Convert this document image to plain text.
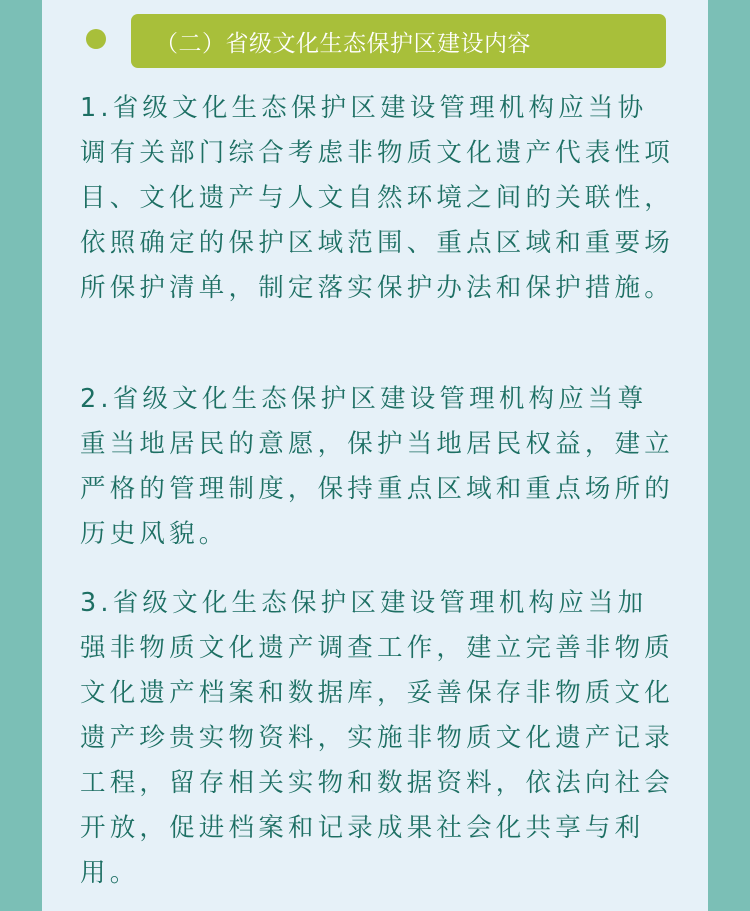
（二）省级文化生态保护区建设内容

1.省级文化生态保护区建设管理机构应当协调有关部门综合考虑非物质文化遗产代表性项目、文化遗产与人文自然环境之间的关联性，依照确定的保护区域范围、重点区域和重要场所保护清单，制定落实保护办法和保护措施。

2.省级文化生态保护区建设管理机构应当尊重当地居民的意愿，保护当地居民权益，建立严格的管理制度，保持重点区域和重点场所的历史风貌。

3.省级文化生态保护区建设管理机构应当加强非物质文化遗产调查工作，建立完善非物质文化遗产档案和数据库，妥善保存非物质文化遗产珍贵实物资料，实施非物质文化遗产记录工程，留存相关实物和数据资料，依法向社会开放，促进档案和记录成果社会化共享与利用。
